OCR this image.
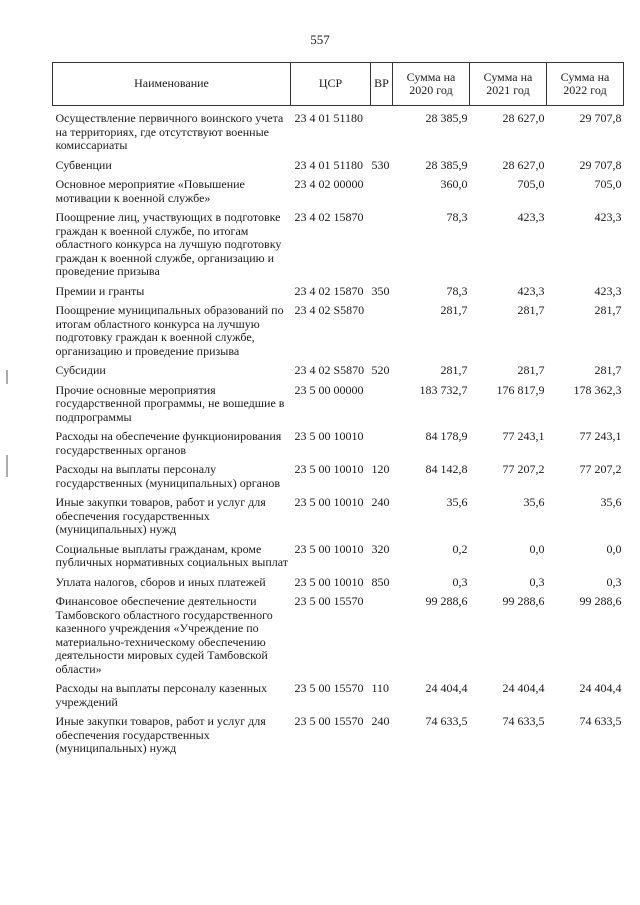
557
Наименование	ЦСР	ВР	Сумма на 2020 год	Сумма на 2021 год	Сумма на 2022 год
Осуществление первичного воинского учета на территориях, где отсутствуют военные комиссариаты	23 4 01 51180		28 385,9	28 627,0	29 707,8
Субвенции	23 4 01 51180	530	28 385,9	28 627,0	29 707,8
Основное мероприятие «Повышение мотивации к военной службе»	23 4 02 00000		360,0	705,0	705,0
Поощрение лиц, участвующих в подготовке граждан к военной службе, по итогам областного конкурса на лучшую подготовку граждан к военной службе, организацию и проведение призыва	23 4 02 15870		78,3	423,3	423,3
Премии и гранты	23 4 02 15870	350	78,3	423,3	423,3
Поощрение муниципальных образований по итогам областного конкурса на лучшую подготовку граждан к военной службе, организацию и проведение призыва	23 4 02 S5870		281,7	281,7	281,7
Субсидии	23 4 02 S5870	520	281,7	281,7	281,7
Прочие основные мероприятия государственной программы, не вошедшие в подпрограммы	23 5 00 00000		183 732,7	176 817,9	178 362,3
Расходы на обеспечение функционирования государственных органов	23 5 00 10010		84 178,9	77 243,1	77 243,1
Расходы на выплаты персоналу государственных (муниципальных) органов	23 5 00 10010	120	84 142,8	77 207,2	77 207,2
Иные закупки товаров, работ и услуг для обеспечения государственных (муниципальных) нужд	23 5 00 10010	240	35,6	35,6	35,6
Социальные выплаты гражданам, кроме публичных нормативных социальных выплат	23 5 00 10010	320	0,2	0,0	0,0
Уплата налогов, сборов и иных платежей	23 5 00 10010	850	0,3	0,3	0,3
Финансовое обеспечение деятельности Тамбовского областного государственного казенного учреждения «Учреждение по материально-техническому обеспечению деятельности мировых судей Тамбовской области»	23 5 00 15570		99 288,6	99 288,6	99 288,6
Расходы на выплаты персоналу казенных учреждений	23 5 00 15570	110	24 404,4	24 404,4	24 404,4
Иные закупки товаров, работ и услуг для обеспечения государственных (муниципальных) нужд	23 5 00 15570	240	74 633,5	74 633,5	74 633,5
